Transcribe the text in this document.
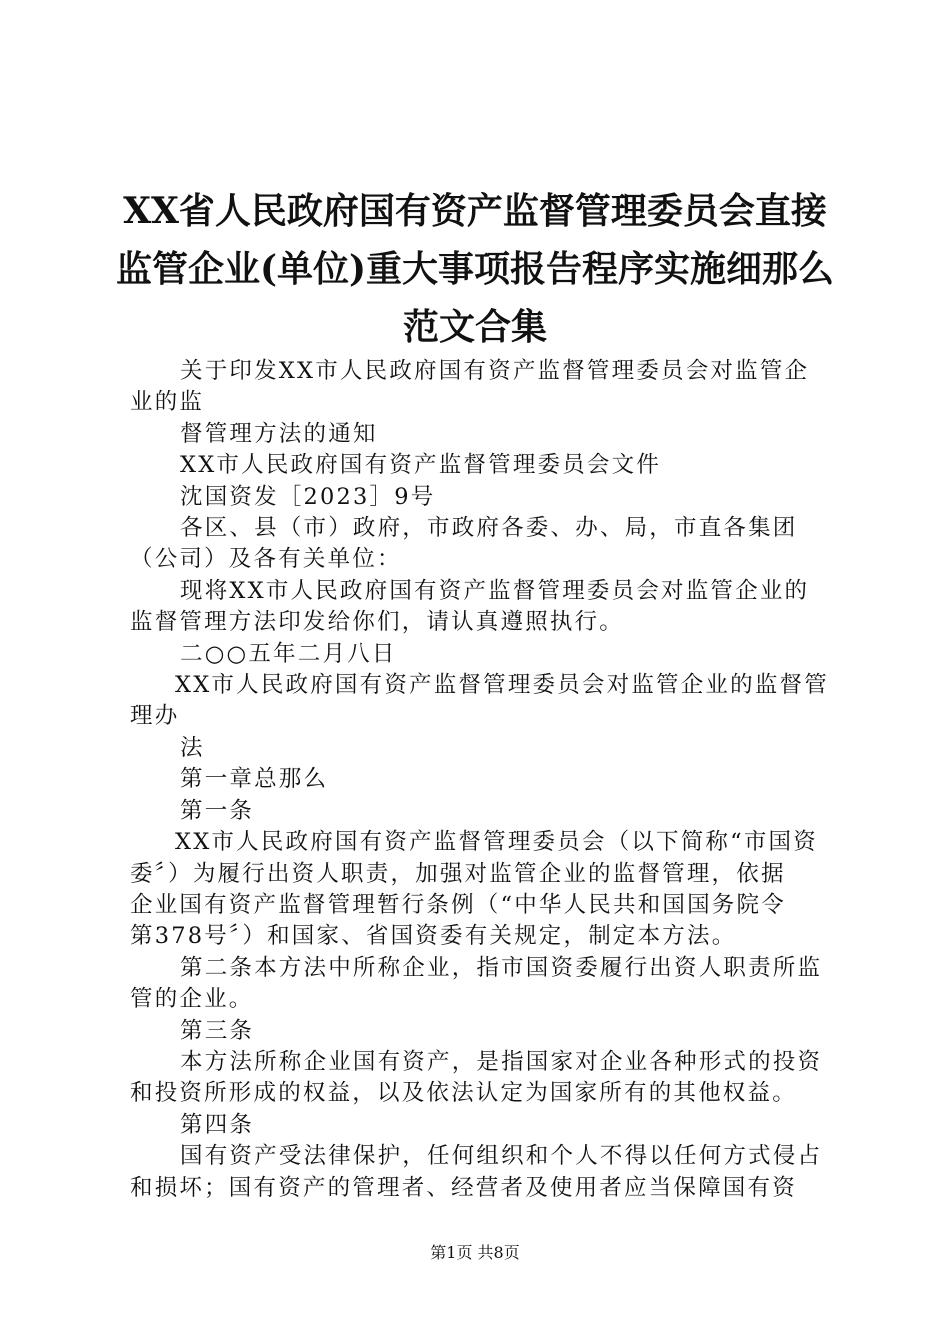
XX省人民政府国有资产监督管理委员会直接
监管企业(单位)重大事项报告程序实施细那么
范文合集
关于印发XX市人民政府国有资产监督管理委员会对监管企
业的监
督管理方法的通知
XX市人民政府国有资产监督管理委员会文件
沈国资发［2023］9号
各区、县（市）政府，市政府各委、办、局，市直各集团
（公司）及各有关单位：
现将XX市人民政府国有资产监督管理委员会对监管企业的
监督管理方法印发给你们，请认真遵照执行。
二○○五年二月八日
XX市人民政府国有资产监督管理委员会对监管企业的监督管
理办
法
第一章总那么
第一条
XX市人民政府国有资产监督管理委员会（以下简称“市国资
委〞）为履行出资人职责，加强对监管企业的监督管理，依据
企业国有资产监督管理暂行条例（“中华人民共和国国务院令
第378号〞）和国家、省国资委有关规定，制定本方法。
第二条本方法中所称企业，指市国资委履行出资人职责所监
管的企业。
第三条
本方法所称企业国有资产，是指国家对企业各种形式的投资
和投资所形成的权益，以及依法认定为国家所有的其他权益。
第四条
国有资产受法律保护，任何组织和个人不得以任何方式侵占
和损坏；国有资产的管理者、经营者及使用者应当保障国有资
第1页 共8页
